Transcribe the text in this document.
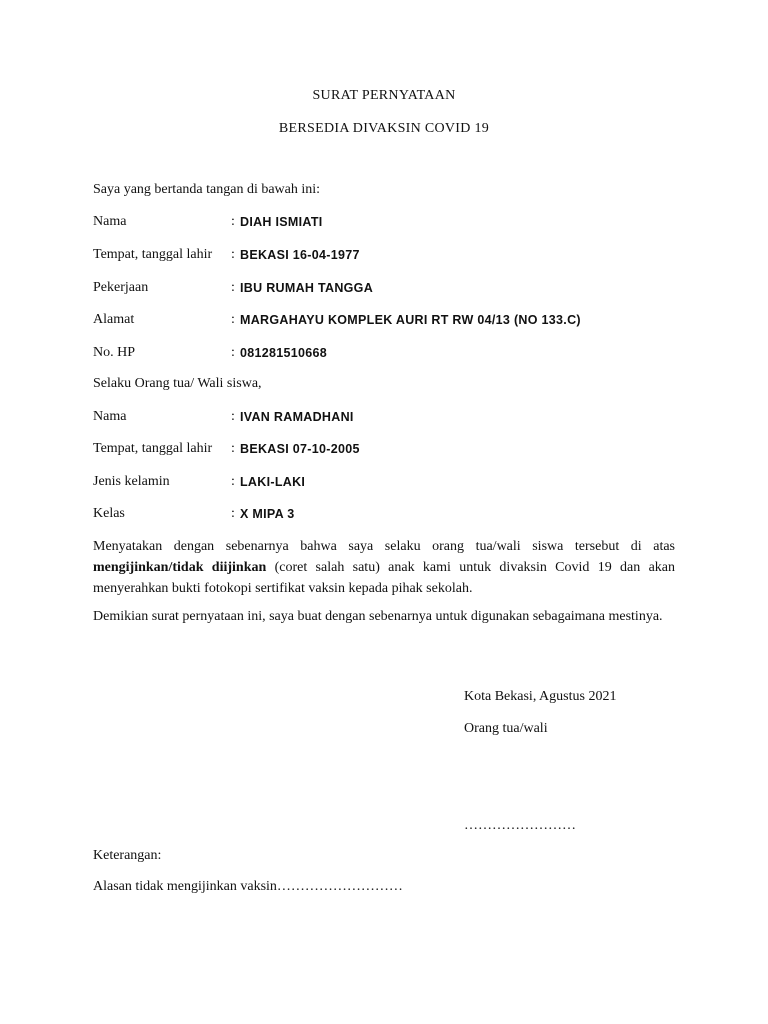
SURAT PERNYATAAN
BERSEDIA DIVAKSIN COVID 19
Saya yang bertanda tangan di bawah ini:
Nama	: DIAH ISMIATI
Tempat, tanggal lahir : BEKASI 16-04-1977
Pekerjaan	: IBU RUMAH TANGGA
Alamat	: MARGAHAYU KOMPLEK AURI RT RW 04/13 (NO 133.C)
No. HP	: 081281510668
Selaku Orang tua/ Wali siswa,
Nama	: IVAN RAMADHANI
Tempat, tanggal lahir : BEKASI 07-10-2005
Jenis kelamin	: LAKI-LAKI
Kelas	: X MIPA 3
Menyatakan dengan sebenarnya bahwa saya selaku orang tua/wali siswa tersebut di atas mengijinkan/tidak diijinkan (coret salah satu) anak kami untuk divaksin Covid 19 dan akan menyerahkan bukti fotokopi sertifikat vaksin kepada pihak sekolah.
Demikian surat pernyataan ini, saya buat dengan sebenarnya untuk digunakan sebagaimana mestinya.
Kota Bekasi, Agustus 2021
Orang tua/wali
……………………
Keterangan:
Alasan tidak mengijinkan vaksin………………………
